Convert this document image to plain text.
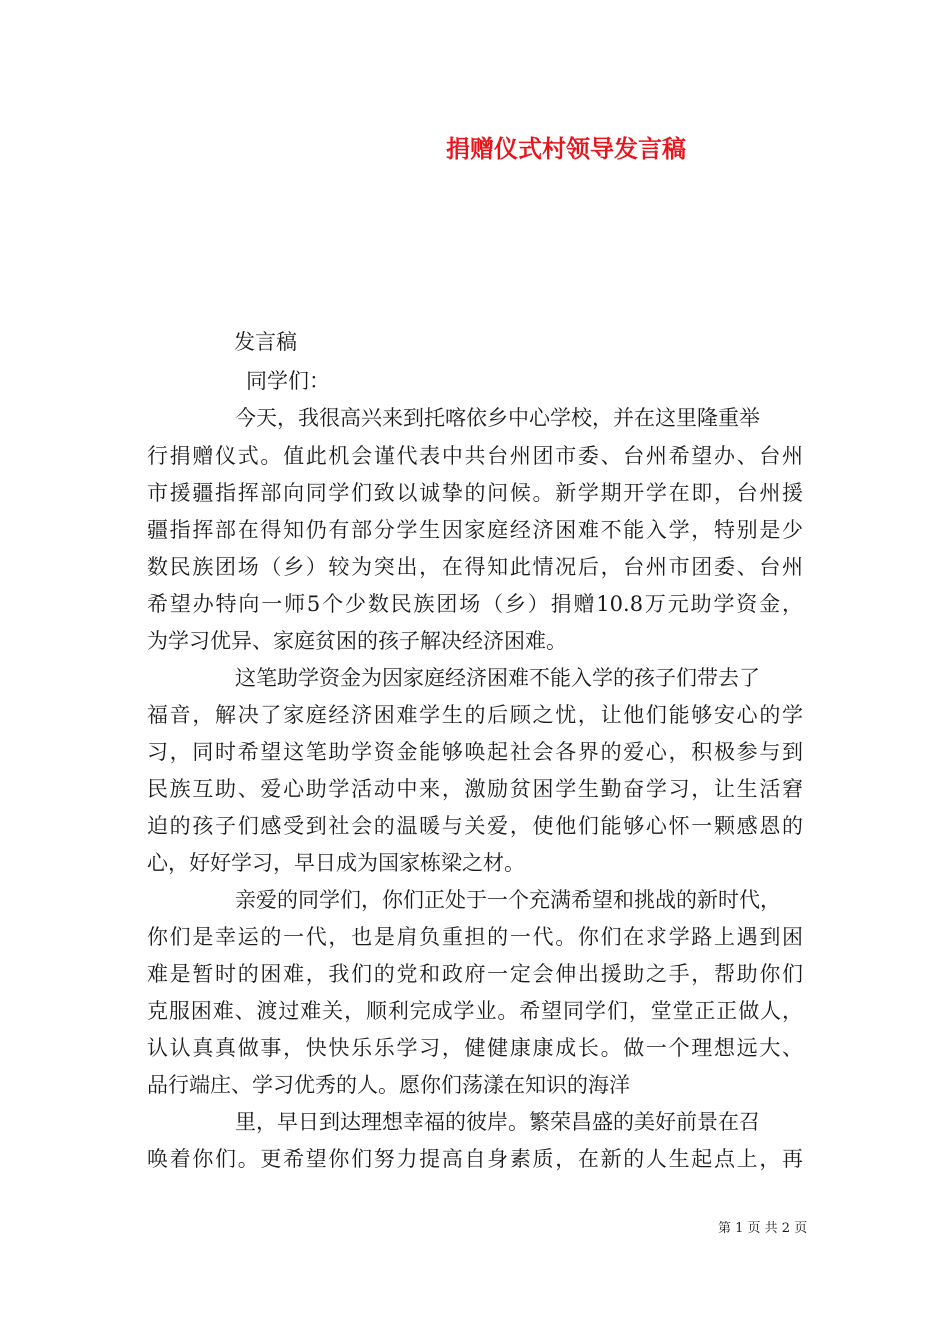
捐赠仪式村领导发言稿
发言稿
同学们：
今天，我很高兴来到托喀依乡中心学校，并在这里隆重举
行捐赠仪式。值此机会谨代表中共台州团市委、台州希望办、台州
市援疆指挥部向同学们致以诚挚的问候。新学期开学在即，台州援
疆指挥部在得知仍有部分学生因家庭经济困难不能入学，特别是少
数民族团场（乡）较为突出，在得知此情况后，台州市团委、台州
希望办特向一师5个少数民族团场（乡）捐赠10.8万元助学资金，
为学习优异、家庭贫困的孩子解决经济困难。
这笔助学资金为因家庭经济困难不能入学的孩子们带去了
福音，解决了家庭经济困难学生的后顾之忧，让他们能够安心的学
习，同时希望这笔助学资金能够唤起社会各界的爱心，积极参与到
民族互助、爱心助学活动中来，激励贫困学生勤奋学习，让生活窘
迫的孩子们感受到社会的温暖与关爱，使他们能够心怀一颗感恩的
心，好好学习，早日成为国家栋梁之材。
亲爱的同学们，你们正处于一个充满希望和挑战的新时代，
你们是幸运的一代，也是肩负重担的一代。你们在求学路上遇到困
难是暂时的困难，我们的党和政府一定会伸出援助之手，帮助你们
克服困难、渡过难关，顺利完成学业。希望同学们，堂堂正正做人，
认认真真做事，快快乐乐学习，健健康康成长。做一个理想远大、
品行端庄、学习优秀的人。愿你们荡漾在知识的海洋
里，早日到达理想幸福的彼岸。繁荣昌盛的美好前景在召
唤着你们。更希望你们努力提高自身素质，在新的人生起点上，再
第 1 页 共 2 页
